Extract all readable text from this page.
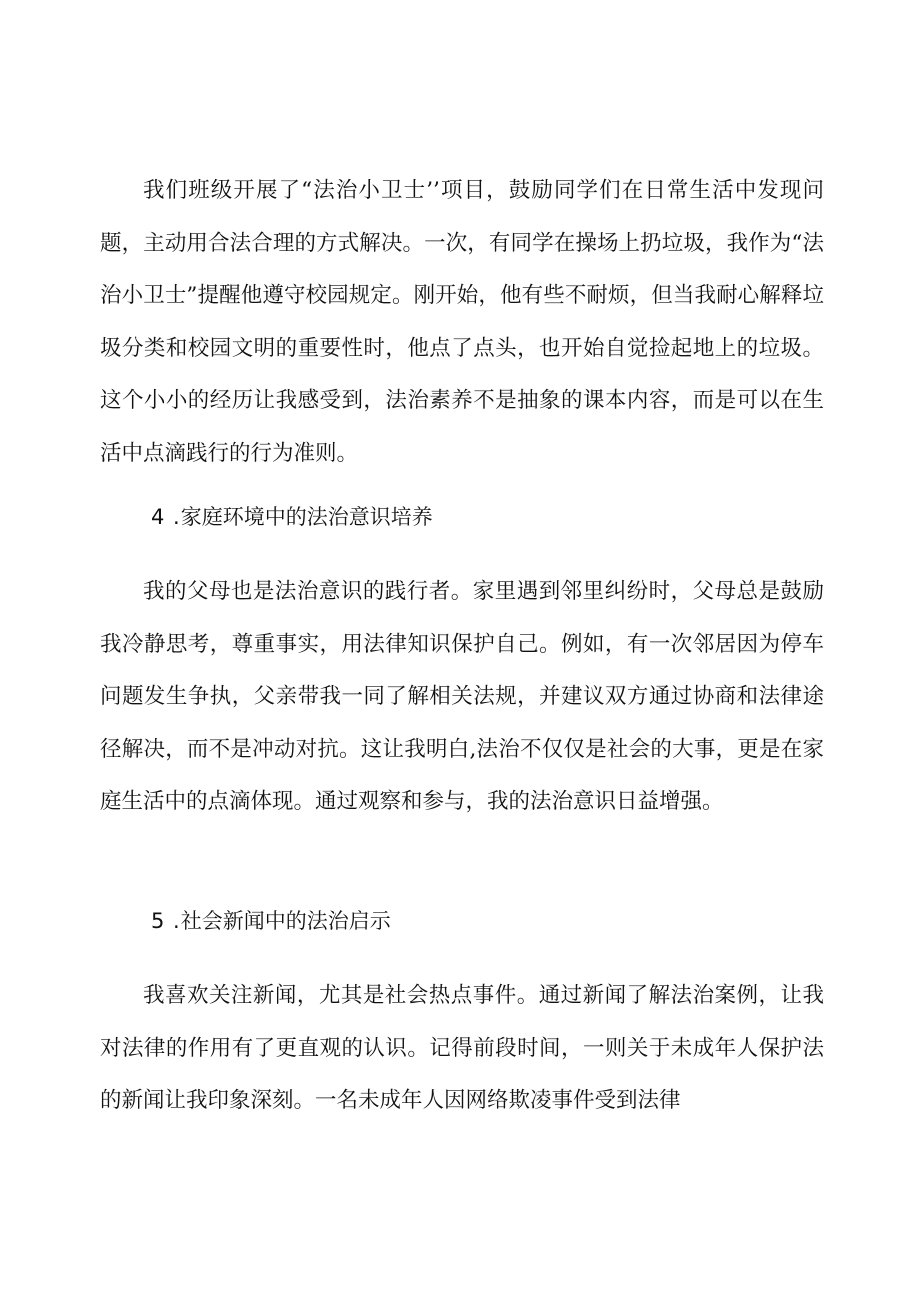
我们班级开展了“法治小卫士’’项目，鼓励同学们在日常生活中发现问题，主动用合法合理的方式解决。一次，有同学在操场上扔垃圾，我作为“法治小卫士”提醒他遵守校园规定。刚开始，他有些不耐烦，但当我耐心解释垃圾分类和校园文明的重要性时，他点了点头，也开始自觉捡起地上的垃圾。这个小小的经历让我感受到，法治素养不是抽象的课本内容，而是可以在生活中点滴践行的行为准则。

4 .家庭环境中的法治意识培养

我的父母也是法治意识的践行者。家里遇到邻里纠纷时，父母总是鼓励我冷静思考，尊重事实，用法律知识保护自己。例如，有一次邻居因为停车问题发生争执，父亲带我一同了解相关法规，并建议双方通过协商和法律途径解决，而不是冲动对抗。这让我明白,法治不仅仅是社会的大事，更是在家庭生活中的点滴体现。通过观察和参与，我的法治意识日益增强。

5 .社会新闻中的法治启示

我喜欢关注新闻，尤其是社会热点事件。通过新闻了解法治案例，让我对法律的作用有了更直观的认识。记得前段时间，一则关于未成年人保护法的新闻让我印象深刻。一名未成年人因网络欺凌事件受到法律
